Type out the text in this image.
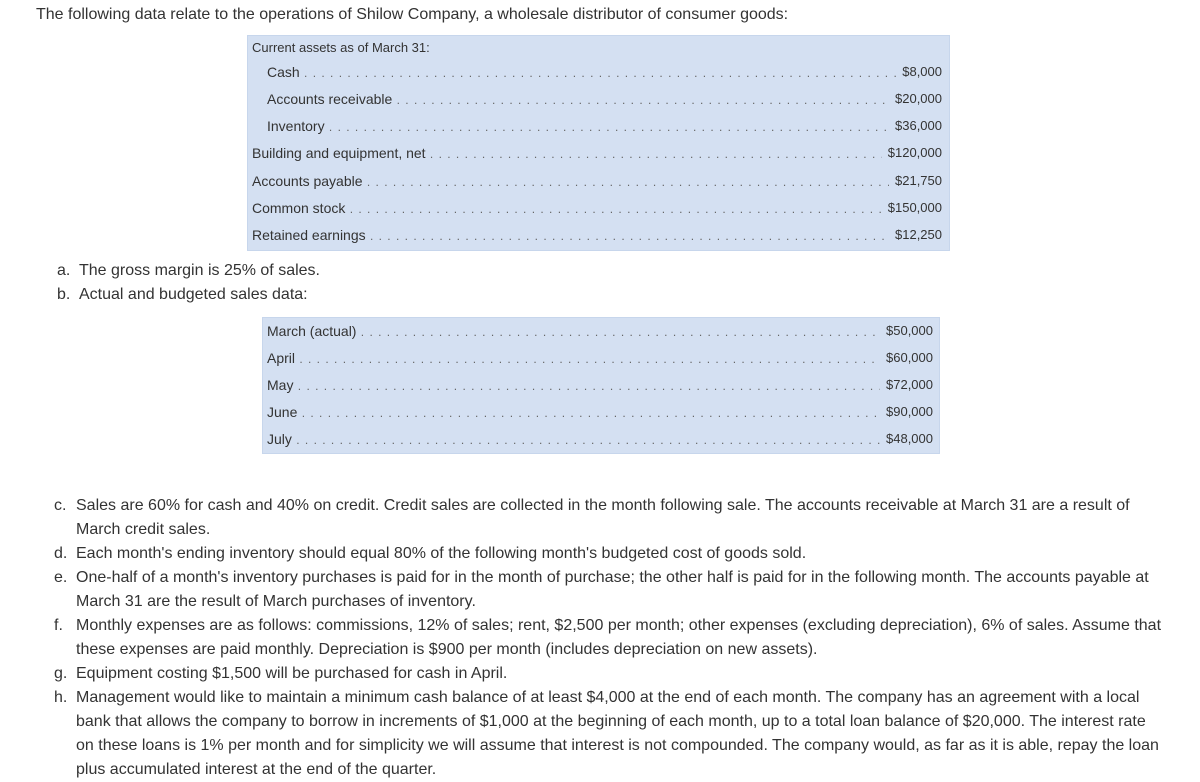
The following data relate to the operations of Shilow Company, a wholesale distributor of consumer goods:
Current assets as of March 31:
Cash . . .	$8,000
Accounts receivable . . .	$20,000
Inventory . . .	$36,000
Building and equipment, net . . .	$120,000
Accounts payable . . .	$21,750
Common stock . . .	$150,000
Retained earnings . . .	$12,250
a. The gross margin is 25% of sales.
b. Actual and budgeted sales data:
March (actual) . . .	$50,000
April . . .	$60,000
May . . .	$72,000
June . . .	$90,000
July . . .	$48,000
c. Sales are 60% for cash and 40% on credit. Credit sales are collected in the month following sale. The accounts receivable at March 31 are a result of March credit sales.
d. Each month's ending inventory should equal 80% of the following month's budgeted cost of goods sold.
e. One-half of a month's inventory purchases is paid for in the month of purchase; the other half is paid for in the following month. The accounts payable at March 31 are the result of March purchases of inventory.
f. Monthly expenses are as follows: commissions, 12% of sales; rent, $2,500 per month; other expenses (excluding depreciation), 6% of sales. Assume that these expenses are paid monthly. Depreciation is $900 per month (includes depreciation on new assets).
g. Equipment costing $1,500 will be purchased for cash in April.
h. Management would like to maintain a minimum cash balance of at least $4,000 at the end of each month. The company has an agreement with a local bank that allows the company to borrow in increments of $1,000 at the beginning of each month, up to a total loan balance of $20,000. The interest rate on these loans is 1% per month and for simplicity we will assume that interest is not compounded. The company would, as far as it is able, repay the loan plus accumulated interest at the end of the quarter.
